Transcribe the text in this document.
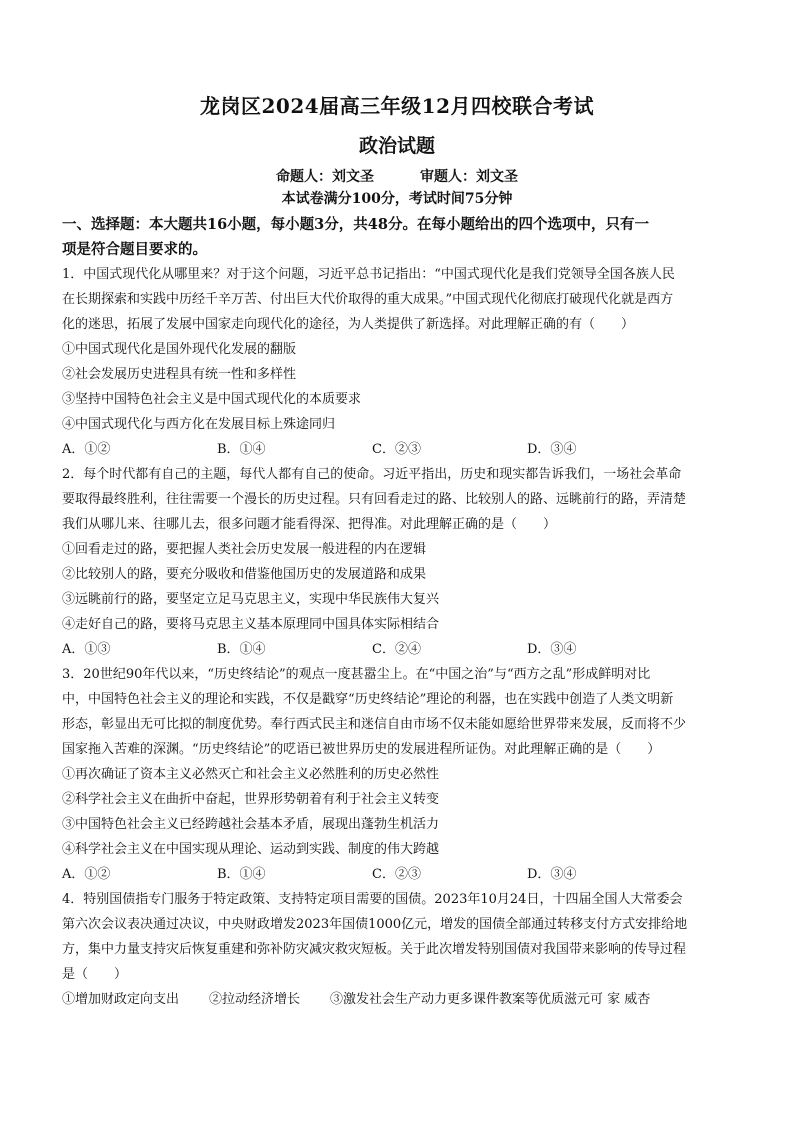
龙岗区2024届高三年级12月四校联合考试
政治试题
命题人：刘文圣	审题人：刘文圣
本试卷满分100分，考试时间75分钟
一、选择题：本大题共16小题，每小题3分，共48分。在每小题给出的四个选项中，只有一
项是符合题目要求的。
1．中国式现代化从哪里来？对于这个问题，习近平总书记指出：“中国式现代化是我们党领导全国各族人民
在长期探索和实践中历经千辛万苦、付出巨大代价取得的重大成果。”中国式现代化彻底打破现代化就是西方
化的迷思，拓展了发展中国家走向现代化的途径，为人类提供了新选择。对此理解正确的有（　　）
①中国式现代化是国外现代化发展的翻版
②社会发展历史进程具有统一性和多样性
③坚持中国特色社会主义是中国式现代化的本质要求
④中国式现代化与西方化在发展目标上殊途同归
A．①②	B．①④	C．②③	D．③④
2．每个时代都有自己的主题，每代人都有自己的使命。习近平指出，历史和现实都告诉我们，一场社会革命
要取得最终胜利，往往需要一个漫长的历史过程。只有回看走过的路、比较别人的路、远眺前行的路，弄清楚
我们从哪儿来、往哪儿去，很多问题才能看得深、把得准。对此理解正确的是（　　）
①回看走过的路，要把握人类社会历史发展一般进程的内在逻辑
②比较别人的路，要充分吸收和借鉴他国历史的发展道路和成果
③远眺前行的路，要坚定立足马克思主义，实现中华民族伟大复兴
④走好自己的路，要将马克思主义基本原理同中国具体实际相结合
A．①③	B．①④	C．②④	D．③④
3．20世纪90年代以来，“历史终结论”的观点一度甚嚣尘上。在“中国之治”与“西方之乱”形成鲜明对比
中，中国特色社会主义的理论和实践，不仅是戳穿“历史终结论”理论的利器，也在实践中创造了人类文明新
形态，彰显出无可比拟的制度优势。奉行西式民主和迷信自由市场不仅未能如愿给世界带来发展，反而将不少
国家拖入苦难的深渊。“历史终结论”的呓语已被世界历史的发展进程所证伪。对此理解正确的是（　　）
①再次确证了资本主义必然灭亡和社会主义必然胜利的历史必然性
②科学社会主义在曲折中奋起，世界形势朝着有利于社会主义转变
③中国特色社会主义已经跨越社会基本矛盾，展现出蓬勃生机活力
④科学社会主义在中国实现从理论、运动到实践、制度的伟大跨越
A．①②	B．①④	C．②③	D．③④
4．特别国债指专门服务于特定政策、支持特定项目需要的国债。2023年10月24日，十四届全国人大常委会
第六次会议表决通过决议，中央财政增发2023年国债1000亿元，增发的国债全部通过转移支付方式安排给地
方，集中力量支持灾后恢复重建和弥补防灾减灾救灾短板。关于此次增发特别国债对我国带来影响的传导过程
是（　　）
①增加财政定向支出 ②拉动经济增长 ③激发社会生产动力更多课件教案等优质滋元可 家 威杏
